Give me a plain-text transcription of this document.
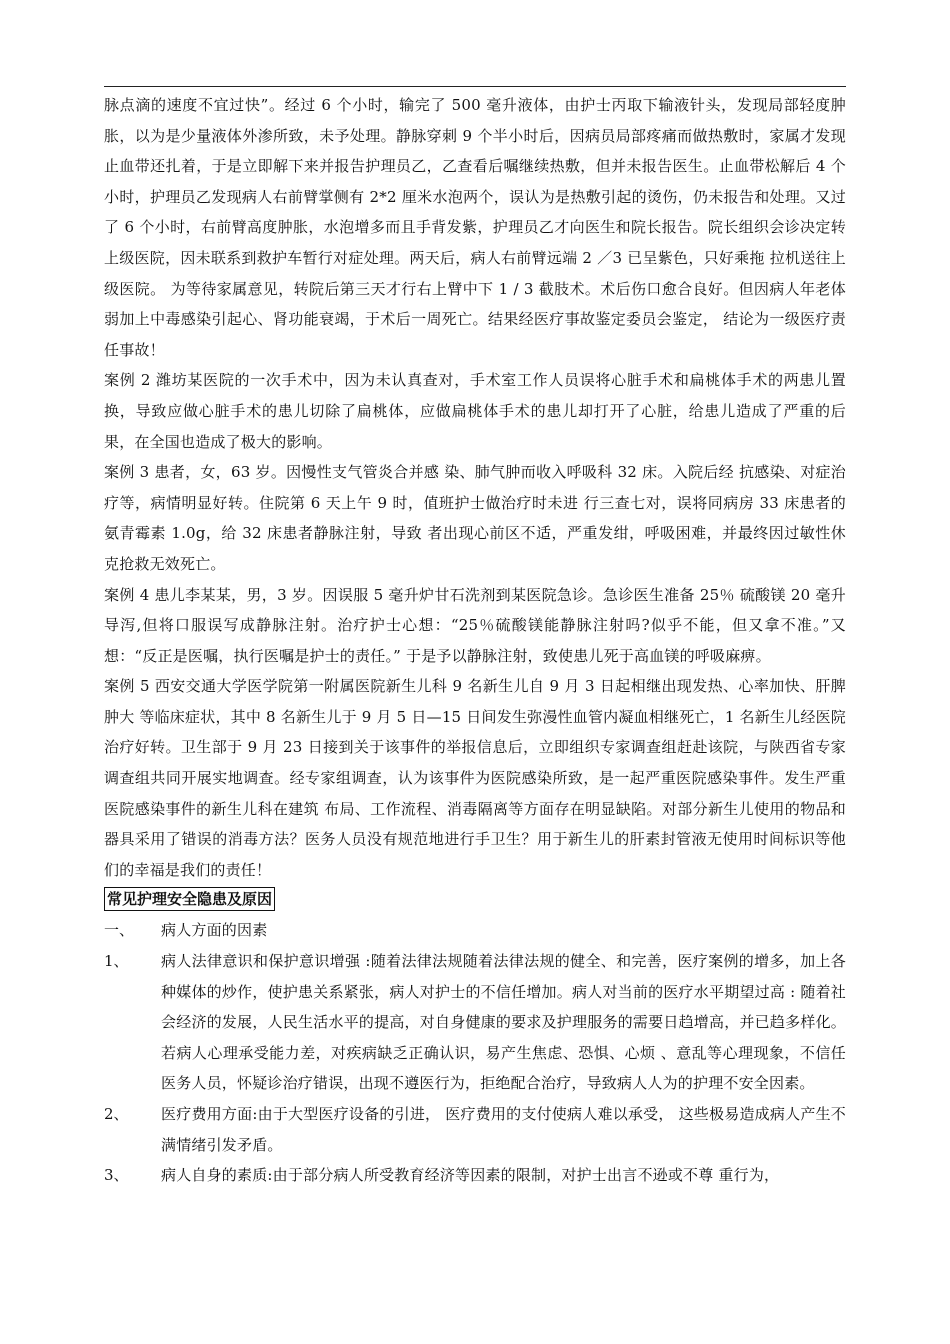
脉点滴的速度不宜过快”。经过 6 个小时，输完了 500 毫升液体，由护士丙取下输液针头，发现局部轻度肿胀，以为是少量液体外渗所致，未予处理。静脉穿刺 9 个半小时后，因病员局部疼痛而做热敷时，家属才发现止血带还扎着，于是立即解下来并报告护理员乙，乙查看后嘱继续热敷，但并未报告医生。止血带松解后 4 个小时，护理员乙发现病人右前臂掌侧有 2*2 厘米水泡两个，误认为是热敷引起的烫伤，仍未报告和处理。又过了 6 个小时，右前臂高度肿胀，水泡增多而且手背发紫，护理员乙才向医生和院长报告。院长组织会诊决定转上级医院，因未联系到救护车暂行对症处理。两天后，病人右前臂远端 2 ／3 已呈紫色，只好乘拖 拉机送往上级医院。 为等待家属意见，转院后第三天才行右上臂中下 1 / 3 截肢术。术后伤口愈合良好。但因病人年老体弱加上中毒感染引起心、肾功能衰竭，于术后一周死亡。结果经医疗事故鉴定委员会鉴定， 结论为一级医疗责任事故！

案例 2 潍坊某医院的一次手术中，因为未认真查对，手术室工作人员误将心脏手术和扁桃体手术的两患儿置换，导致应做心脏手术的患儿切除了扁桃体，应做扁桃体手术的患儿却打开了心脏，给患儿造成了严重的后果，在全国也造成了极大的影响。

案例 3 患者，女，63 岁。因慢性支气管炎合并感 染、肺气肿而收入呼吸科 32 床。入院后经 抗感染、对症治疗等，病情明显好转。住院第 6 天上午 9 时，值班护士做治疗时未进 行三查七对，误将同病房 33 床患者的氨青霉素 1.0g，给 32 床患者静脉注射，导致 者出现心前区不适，严重发绀，呼吸困难，并最终因过敏性休克抢救无效死亡。

案例 4 患儿李某某，男，3 岁。因误服 5 毫升炉甘石洗剂到某医院急诊。急诊医生准备 25％ 硫酸镁 20 毫升导泻,但将口服误写成静脉注射。治疗护士心想：“25％硫酸镁能静脉注射吗?似乎不能，但又拿不准。”又想：“反正是医嘱，执行医嘱是护士的责任。” 于是予以静脉注射，致使患儿死于高血镁的呼吸麻痹。

案例 5 西安交通大学医学院第一附属医院新生儿科 9 名新生儿自 9 月 3 日起相继出现发热、心率加快、肝脾肿大 等临床症状，其中 8 名新生儿于 9 月 5 日—15 日间发生弥漫性血管内凝血相继死亡，1 名新生儿经医院治疗好转。卫生部于 9 月 23 日接到关于该事件的举报信息后，立即组织专家调查组赶赴该院，与陕西省专家调查组共同开展实地调查。经专家组调查，认为该事件为医院感染所致，是一起严重医院感染事件。发生严重医院感染事件的新生儿科在建筑 布局、工作流程、消毒隔离等方面存在明显缺陷。对部分新生儿使用的物品和器具采用了错误的消毒方法？医务人员没有规范地进行手卫生？用于新生儿的肝素封管液无使用时间标识等他们的幸福是我们的责任！

常见护理安全隐患及原因
一、 病人方面的因素
1、 病人法律意识和保护意识增强 :随着法律法规随着法律法规的健全、和完善，医疗案例的增多，加上各种媒体的炒作，使护患关系紧张，病人对护士的不信任增加。病人对当前的医疗水平期望过高 : 随着社会经济的发展，人民生活水平的提高，对自身健康的要求及护理服务的需要日趋增高，并已趋多样化。若病人心理承受能力差，对疾病缺乏正确认识，易产生焦虑、恐惧、心烦 、意乱等心理现象，不信任医务人员，怀疑诊治疗错误，出现不遵医行为，拒绝配合治疗，导致病人人为的护理不安全因素。
2、 医疗费用方面:由于大型医疗设备的引进， 医疗费用的支付使病人难以承受， 这些极易造成病人产生不满情绪引发矛盾。
3、 病人自身的素质:由于部分病人所受教育经济等因素的限制，对护士出言不逊或不尊 重行为，
